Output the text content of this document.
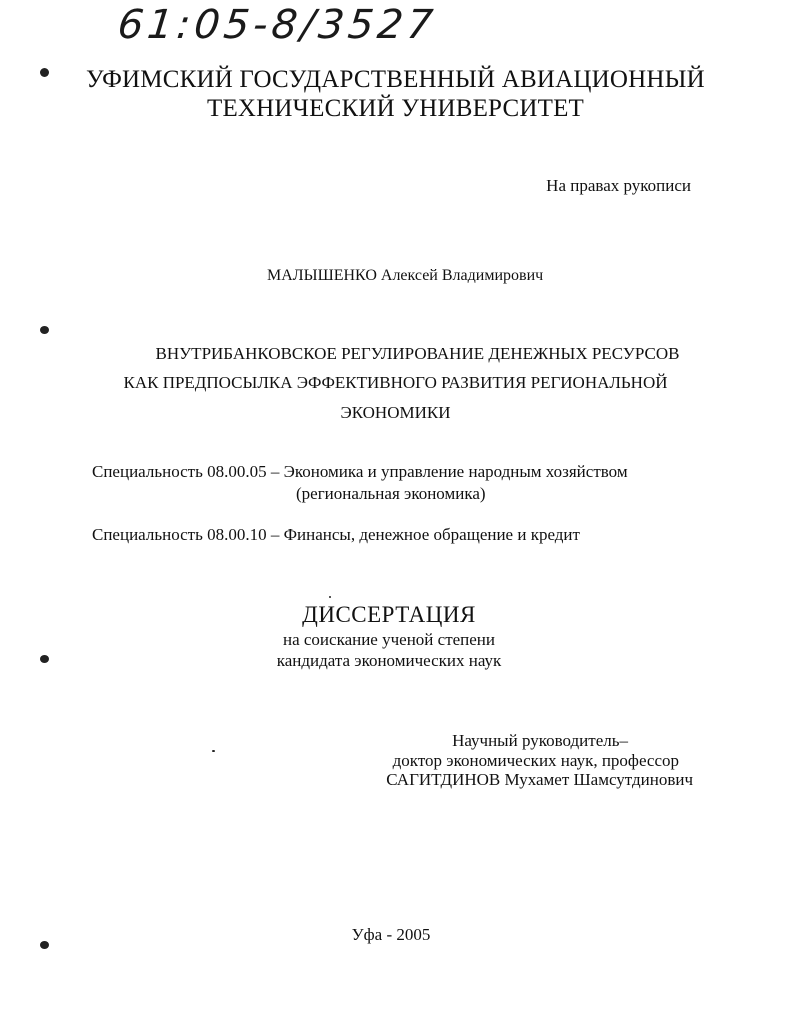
61:05-8/3527
УФИМСКИЙ ГОСУДАРСТВЕННЫЙ АВИАЦИОННЫЙ
ТЕХНИЧЕСКИЙ УНИВЕРСИТЕТ
На правах рукописи
МАЛЫШЕНКО Алексей Владимирович
ВНУТРИБАНКОВСКОЕ РЕГУЛИРОВАНИЕ ДЕНЕЖНЫХ РЕСУРСОВ
КАК ПРЕДПОСЫЛКА ЭФФЕКТИВНОГО РАЗВИТИЯ РЕГИОНАЛЬНОЙ
ЭКОНОМИКИ
Специальность 08.00.05 – Экономика и управление народным хозяйством
(региональная экономика)
Специальность 08.00.10 – Финансы, денежное обращение и кредит
ДИССЕРТАЦИЯ
на соискание ученой степени
кандидата экономических наук
Научный руководитель–
доктор экономических наук, профессор
САГИТДИНОВ Мухамет Шамсутдинович
Уфа - 2005
